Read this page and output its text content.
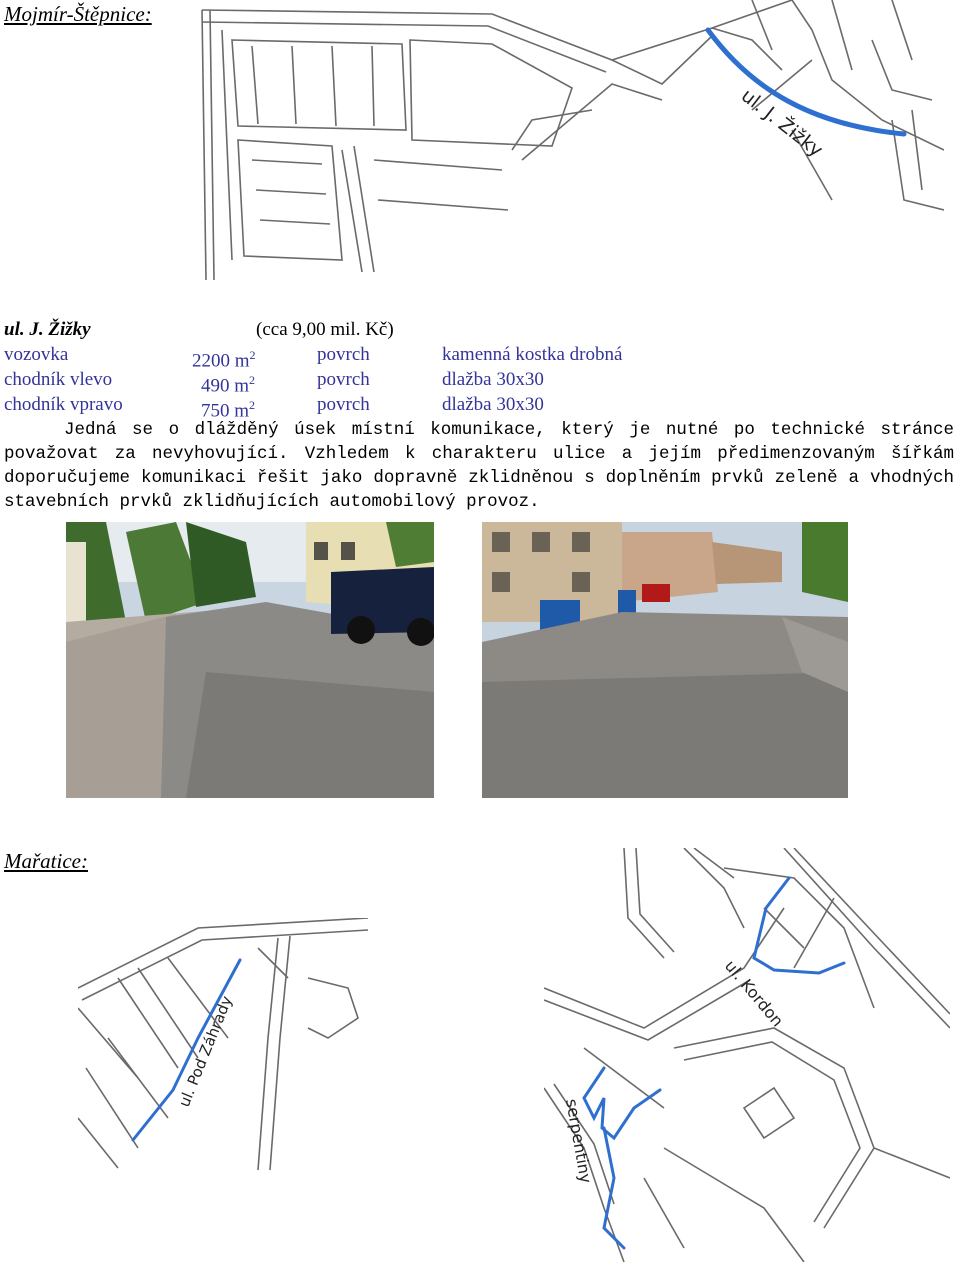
Mojmír-Štěpnice:
ul. J. Žižky
ul. J. Žižky	(cca 9,00 mil. Kč)
vozovka	2200 $m^2$	povrch	kamenná kostka drobná
chodník vlevo	490 $m^2$	povrch	dlažba 30x30
chodník vpravo	750 $m^2$	povrch	dlažba 30x30
Jedná se o dlážděný úsek místní komunikace, který je nutné po technické stránce považovat za nevyhovující. Vzhledem k charakteru ulice a jejím předimenzovaným šířkám doporučujeme komunikaci řešit jako dopravně zklidněnou s doplněním prvků zeleně a vhodných stavebních prvků zklidňujících automobilový provoz.
Mařatice:
ul. Pod Záhrady
ul. Kordon
serpentiny
